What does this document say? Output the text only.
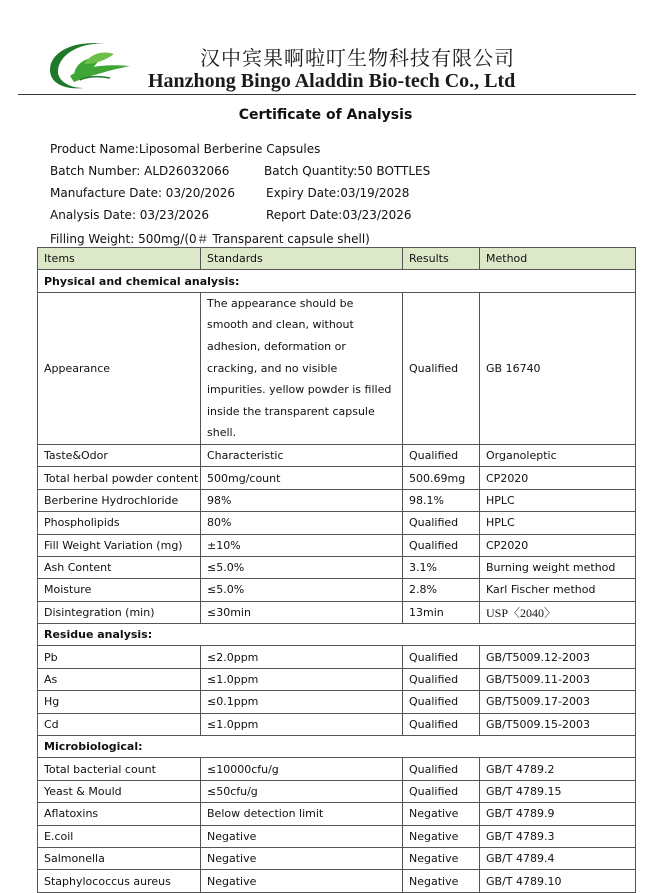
汉中宾果啊啦叮生物科技有限公司
Hanzhong Bingo Aladdin Bio-tech Co., Ltd
Certificate of Analysis
Product Name:Liposomal Berberine Capsules
Batch Number: ALD26032066	Batch Quantity:50 BOTTLES
Manufacture Date: 03/20/2026	Expiry Date:03/19/2028
Analysis Date: 03/23/2026	Report Date:03/23/2026
Filling Weight: 500mg/(0＃ Transparent capsule shell)
Items	Standards	Results	Method
Physical and chemical analysis:			
Appearance	The appearance should be smooth and clean, without adhesion, deformation or cracking, and no visible impurities. yellow powder is filled inside the transparent capsule shell.	Qualified	GB 16740
Taste&Odor	Characteristic	Qualified	Organoleptic
Total herbal powder content	500mg/count	500.69mg	CP2020
Berberine Hydrochloride	98%	98.1%	HPLC
Phospholipids	80%	Qualified	HPLC
Fill Weight Variation (mg)	±10%	Qualified	CP2020
Ash Content	≤5.0%	3.1%	Burning weight method
Moisture	≤5.0%	2.8%	Karl Fischer method
Disintegration (min)	≤30min	13min	USP〈2040〉
Residue analysis:			
Pb	≤2.0ppm	Qualified	GB/T5009.12-2003
As	≤1.0ppm	Qualified	GB/T5009.11-2003
Hg	≤0.1ppm	Qualified	GB/T5009.17-2003
Cd	≤1.0ppm	Qualified	GB/T5009.15-2003
Microbiological:			
Total bacterial count	≤10000cfu/g	Qualified	GB/T 4789.2
Yeast & Mould	≤50cfu/g	Qualified	GB/T 4789.15
Aflatoxins	Below detection limit	Negative	GB/T 4789.9
E.coil	Negative	Negative	GB/T 4789.3
Salmonella	Negative	Negative	GB/T 4789.4
Staphylococcus aureus	Negative	Negative	GB/T 4789.10
